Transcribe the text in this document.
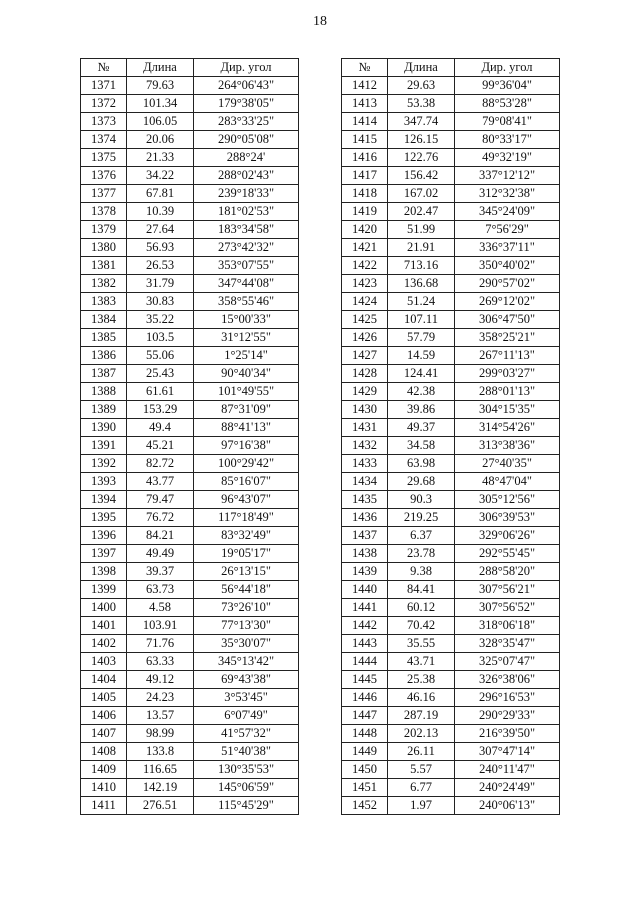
18
№	Длина	Дир. угол
1371	79.63	264°06'43"
1372	101.34	179°38'05"
1373	106.05	283°33'25"
1374	20.06	290°05'08"
1375	21.33	288°24'
1376	34.22	288°02'43"
1377	67.81	239°18'33"
1378	10.39	181°02'53"
1379	27.64	183°34'58"
1380	56.93	273°42'32"
1381	26.53	353°07'55"
1382	31.79	347°44'08"
1383	30.83	358°55'46"
1384	35.22	15°00'33"
1385	103.5	31°12'55"
1386	55.06	1°25'14"
1387	25.43	90°40'34"
1388	61.61	101°49'55"
1389	153.29	87°31'09"
1390	49.4	88°41'13"
1391	45.21	97°16'38"
1392	82.72	100°29'42"
1393	43.77	85°16'07"
1394	79.47	96°43'07"
1395	76.72	117°18'49"
1396	84.21	83°32'49"
1397	49.49	19°05'17"
1398	39.37	26°13'15"
1399	63.73	56°44'18"
1400	4.58	73°26'10"
1401	103.91	77°13'30"
1402	71.76	35°30'07"
1403	63.33	345°13'42"
1404	49.12	69°43'38"
1405	24.23	3°53'45"
1406	13.57	6°07'49"
1407	98.99	41°57'32"
1408	133.8	51°40'38"
1409	116.65	130°35'53"
1410	142.19	145°06'59"
1411	276.51	115°45'29"
№	Длина	Дир. угол
1412	29.63	99°36'04"
1413	53.38	88°53'28"
1414	347.74	79°08'41"
1415	126.15	80°33'17"
1416	122.76	49°32'19"
1417	156.42	337°12'12"
1418	167.02	312°32'38"
1419	202.47	345°24'09"
1420	51.99	7°56'29"
1421	21.91	336°37'11"
1422	713.16	350°40'02"
1423	136.68	290°57'02"
1424	51.24	269°12'02"
1425	107.11	306°47'50"
1426	57.79	358°25'21"
1427	14.59	267°11'13"
1428	124.41	299°03'27"
1429	42.38	288°01'13"
1430	39.86	304°15'35"
1431	49.37	314°54'26"
1432	34.58	313°38'36"
1433	63.98	27°40'35"
1434	29.68	48°47'04"
1435	90.3	305°12'56"
1436	219.25	306°39'53"
1437	6.37	329°06'26"
1438	23.78	292°55'45"
1439	9.38	288°58'20"
1440	84.41	307°56'21"
1441	60.12	307°56'52"
1442	70.42	318°06'18"
1443	35.55	328°35'47"
1444	43.71	325°07'47"
1445	25.38	326°38'06"
1446	46.16	296°16'53"
1447	287.19	290°29'33"
1448	202.13	216°39'50"
1449	26.11	307°47'14"
1450	5.57	240°11'47"
1451	6.77	240°24'49"
1452	1.97	240°06'13"
